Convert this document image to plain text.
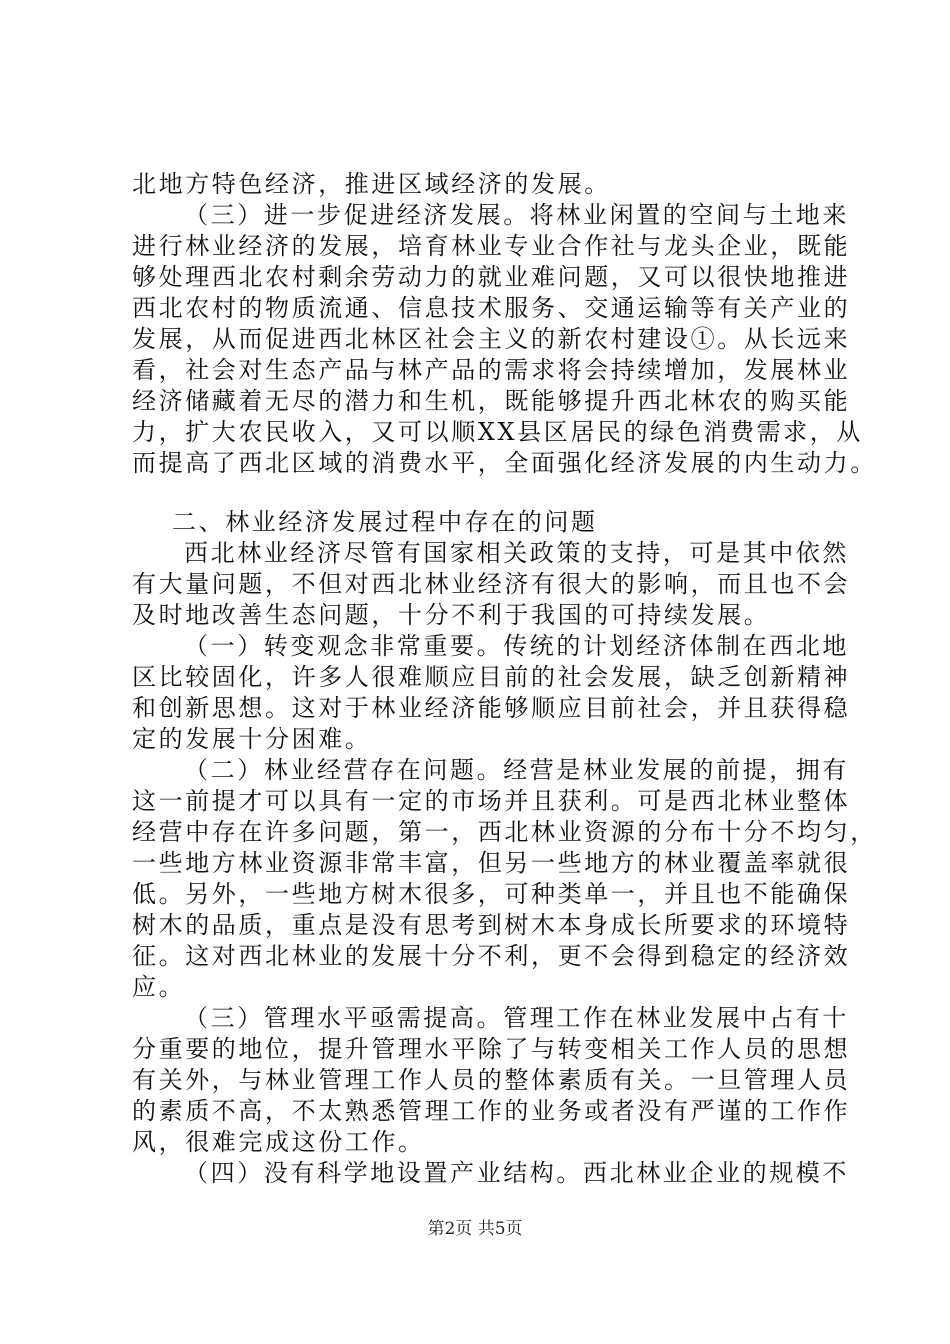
北地方特色经济，推进区域经济的发展。
（三）进一步促进经济发展。将林业闲置的空间与土地来
进行林业经济的发展，培育林业专业合作社与龙头企业，既能
够处理西北农村剩余劳动力的就业难问题，又可以很快地推进
西北农村的物质流通、信息技术服务、交通运输等有关产业的
发展，从而促进西北林区社会主义的新农村建设①。从长远来
看，社会对生态产品与林产品的需求将会持续增加，发展林业
经济储藏着无尽的潜力和生机，既能够提升西北林农的购买能
力，扩大农民收入，又可以顺XX县区居民的绿色消费需求，从
而提高了西北区域的消费水平，全面强化经济发展的内生动力。
二、林业经济发展过程中存在的问题
西北林业经济尽管有国家相关政策的支持，可是其中依然
有大量问题，不但对西北林业经济有很大的影响，而且也不会
及时地改善生态问题，十分不利于我国的可持续发展。
（一）转变观念非常重要。传统的计划经济体制在西北地
区比较固化，许多人很难顺应目前的社会发展，缺乏创新精神
和创新思想。这对于林业经济能够顺应目前社会，并且获得稳
定的发展十分困难。
（二）林业经营存在问题。经营是林业发展的前提，拥有
这一前提才可以具有一定的市场并且获利。可是西北林业整体
经营中存在许多问题，第一，西北林业资源的分布十分不均匀，
一些地方林业资源非常丰富，但另一些地方的林业覆盖率就很
低。另外，一些地方树木很多，可种类单一，并且也不能确保
树木的品质，重点是没有思考到树木本身成长所要求的环境特
征。这对西北林业的发展十分不利，更不会得到稳定的经济效
应。
（三）管理水平亟需提高。管理工作在林业发展中占有十
分重要的地位，提升管理水平除了与转变相关工作人员的思想
有关外，与林业管理工作人员的整体素质有关。一旦管理人员
的素质不高，不太熟悉管理工作的业务或者没有严谨的工作作
风，很难完成这份工作。
（四）没有科学地设置产业结构。西北林业企业的规模不
第2页 共5页
